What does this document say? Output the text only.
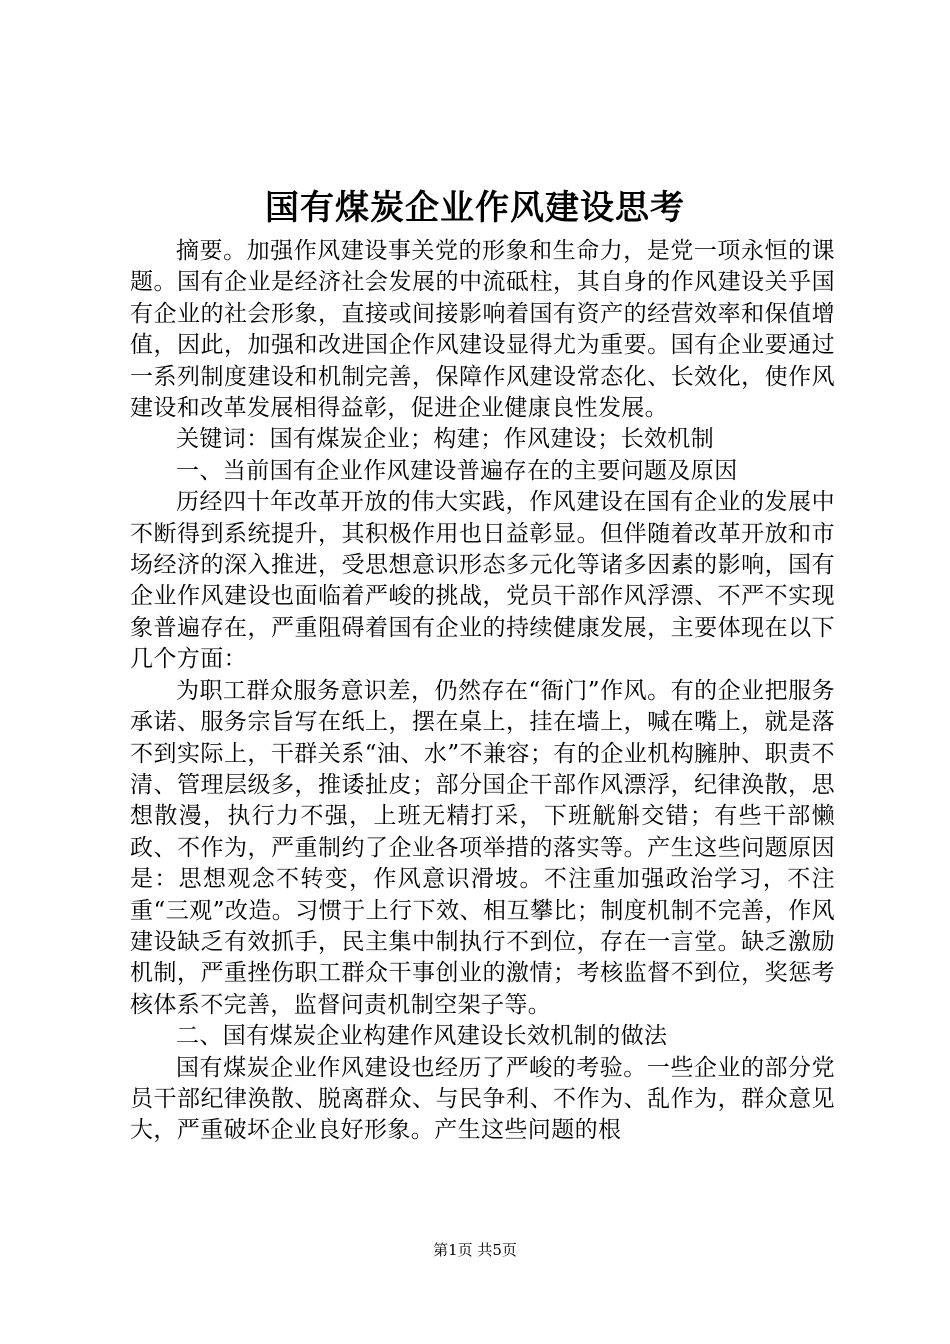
国有煤炭企业作风建设思考

摘要。加强作风建设事关党的形象和生命力，是党一项永恒的课题。国有企业是经济社会发展的中流砥柱，其自身的作风建设关乎国有企业的社会形象，直接或间接影响着国有资产的经营效率和保值增值，因此，加强和改进国企作风建设显得尤为重要。国有企业要通过一系列制度建设和机制完善，保障作风建设常态化、长效化，使作风建设和改革发展相得益彰，促进企业健康良性发展。

关键词：国有煤炭企业；构建；作风建设；长效机制

一、当前国有企业作风建设普遍存在的主要问题及原因

历经四十年改革开放的伟大实践，作风建设在国有企业的发展中不断得到系统提升，其积极作用也日益彰显。但伴随着改革开放和市场经济的深入推进，受思想意识形态多元化等诸多因素的影响，国有企业作风建设也面临着严峻的挑战，党员干部作风浮漂、不严不实现象普遍存在，严重阻碍着国有企业的持续健康发展，主要体现在以下几个方面：

为职工群众服务意识差，仍然存在“衙门”作风。有的企业把服务承诺、服务宗旨写在纸上，摆在桌上，挂在墙上，喊在嘴上，就是落不到实际上，干群关系“油、水”不兼容；有的企业机构臃肿、职责不清、管理层级多，推诿扯皮；部分国企干部作风漂浮，纪律涣散，思想散漫，执行力不强，上班无精打采，下班觥斛交错；有些干部懒政、不作为，严重制约了企业各项举措的落实等。产生这些问题原因是：思想观念不转变，作风意识滑坡。不注重加强政治学习，不注重“三观”改造。习惯于上行下效、相互攀比；制度机制不完善，作风建设缺乏有效抓手，民主集中制执行不到位，存在一言堂。缺乏激励机制，严重挫伤职工群众干事创业的激情；考核监督不到位，奖惩考核体系不完善，监督问责机制空架子等。

二、国有煤炭企业构建作风建设长效机制的做法

国有煤炭企业作风建设也经历了严峻的考验。一些企业的部分党员干部纪律涣散、脱离群众、与民争利、不作为、乱作为，群众意见大，严重破坏企业良好形象。产生这些问题的根

第1页 共5页
